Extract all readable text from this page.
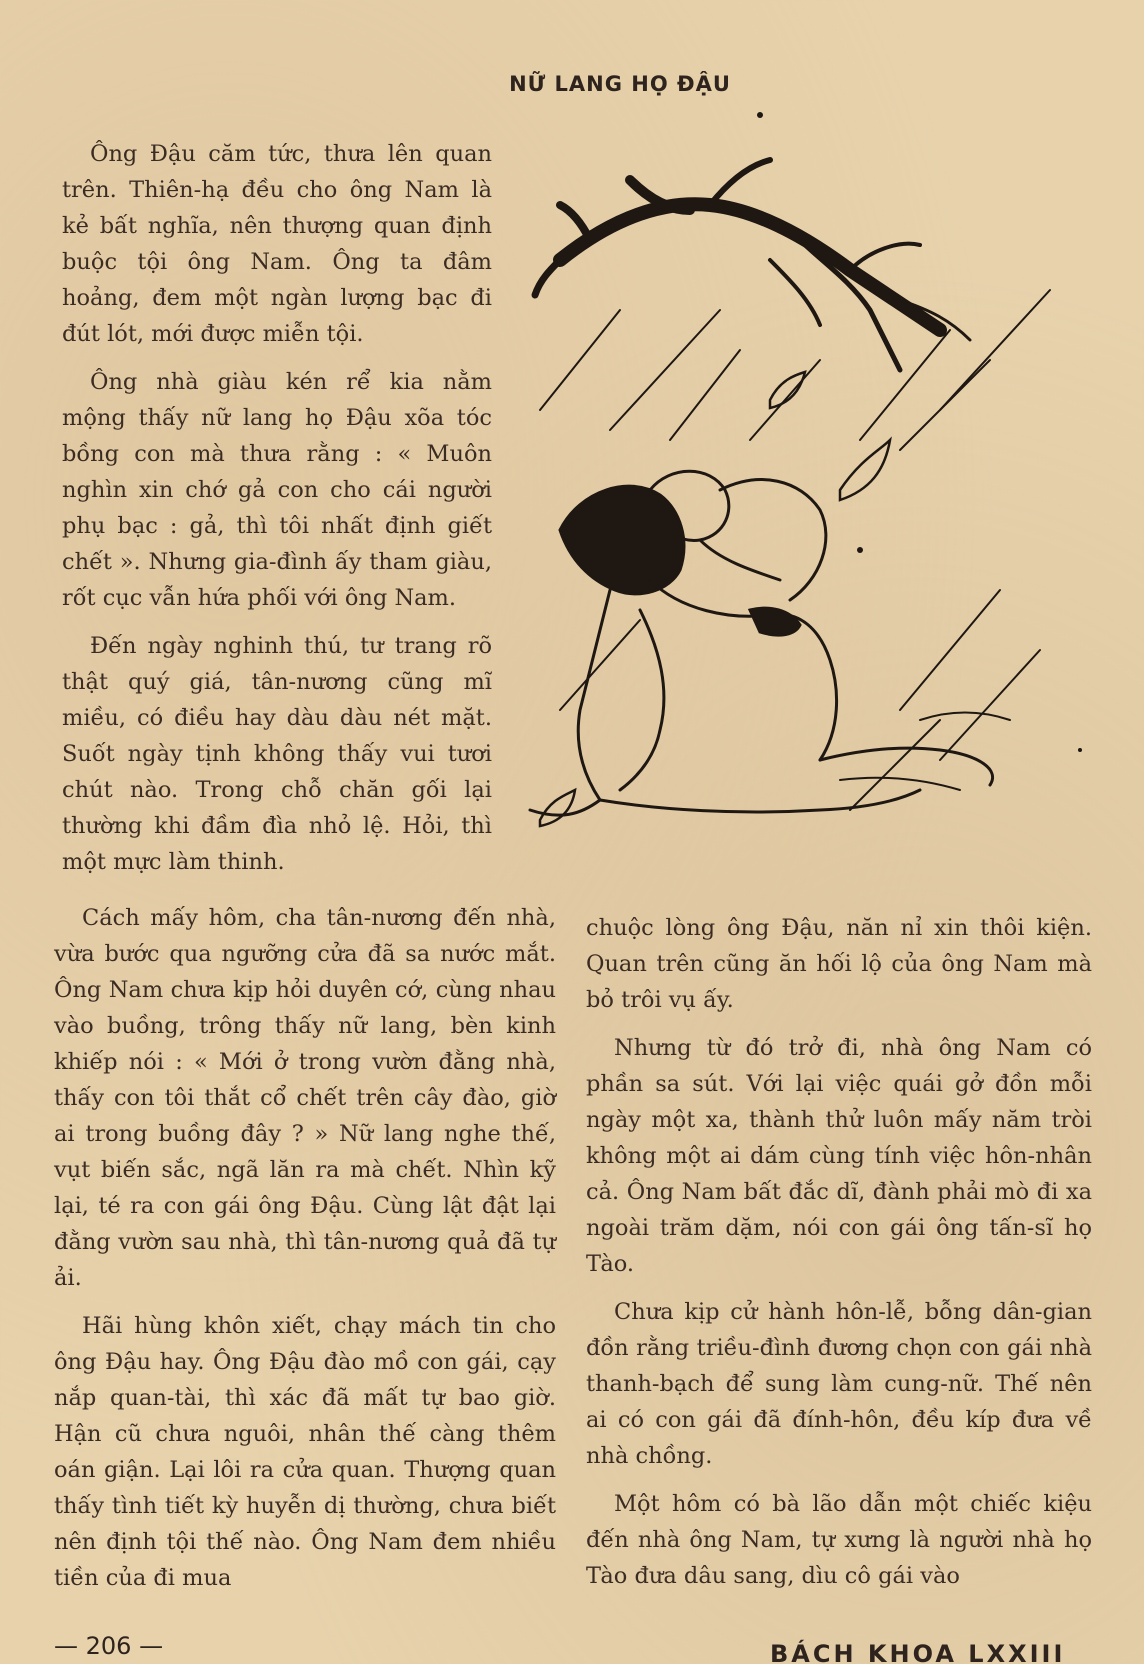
NỮ LANG HỌ ĐẬU

Ông Đậu căm tức, thưa lên quan trên. Thiên-hạ đều cho ông Nam là kẻ bất nghĩa, nên thượng quan định buộc tội ông Nam. Ông ta đâm hoảng, đem một ngàn lượng bạc đi đút lót, mới được miễn tội.

Ông nhà giàu kén rể kia nằm mộng thấy nữ lang họ Đậu xõa tóc bồng con mà thưa rằng : « Muôn nghìn xin chớ gả con cho cái người phụ bạc : gả, thì tôi nhất định giết chết ». Nhưng gia-đình ấy tham giàu, rốt cục vẫn hứa phối với ông Nam.

Đến ngày nghinh thú, tư trang rõ thật quý giá, tân-nương cũng mĩ miều, có điều hay dàu dàu nét mặt. Suốt ngày tịnh không thấy vui tươi chút nào. Trong chỗ chăn gối lại thường khi đầm đìa nhỏ lệ. Hỏi, thì một mực làm thinh.

Cách mấy hôm, cha tân-nương đến nhà, vừa bước qua ngưỡng cửa đã sa nước mắt. Ông Nam chưa kịp hỏi duyên cớ, cùng nhau vào buồng, trông thấy nữ lang, bèn kinh khiếp nói : « Mới ở trong vườn đằng nhà, thấy con tôi thắt cổ chết trên cây đào, giờ ai trong buồng đây ? » Nữ lang nghe thế, vụt biến sắc, ngã lăn ra mà chết. Nhìn kỹ lại, té ra con gái ông Đậu. Cùng lật đật lại đằng vườn sau nhà, thì tân-nương quả đã tự ải.

Hãi hùng khôn xiết, chạy mách tin cho ông Đậu hay. Ông Đậu đào mồ con gái, cạy nắp quan-tài, thì xác đã mất tự bao giờ. Hận cũ chưa nguôi, nhân thế càng thêm oán giận. Lại lôi ra cửa quan. Thượng quan thấy tình tiết kỳ huyễn dị thường, chưa biết nên định tội thế nào. Ông Nam đem nhiều tiền của đi mua

chuộc lòng ông Đậu, năn nỉ xin thôi kiện. Quan trên cũng ăn hối lộ của ông Nam mà bỏ trôi vụ ấy.

Nhưng từ đó trở đi, nhà ông Nam có phần sa sút. Với lại việc quái gở đồn mỗi ngày một xa, thành thử luôn mấy năm tròi không một ai dám cùng tính việc hôn-nhân cả. Ông Nam bất đắc dĩ, đành phải mò đi xa ngoài trăm dặm, nói con gái ông tấn-sĩ họ Tào.

Chưa kịp cử hành hôn-lễ, bỗng dân-gian đồn rằng triều-đình đương chọn con gái nhà thanh-bạch để sung làm cung-nữ. Thế nên ai có con gái đã đính-hôn, đều kíp đưa về nhà chồng.

Một hôm có bà lão dẫn một chiếc kiệu đến nhà ông Nam, tự xưng là người nhà họ Tào đưa dâu sang, dìu cô gái vào

— 206 —	BÁCH KHOA LXXIII
